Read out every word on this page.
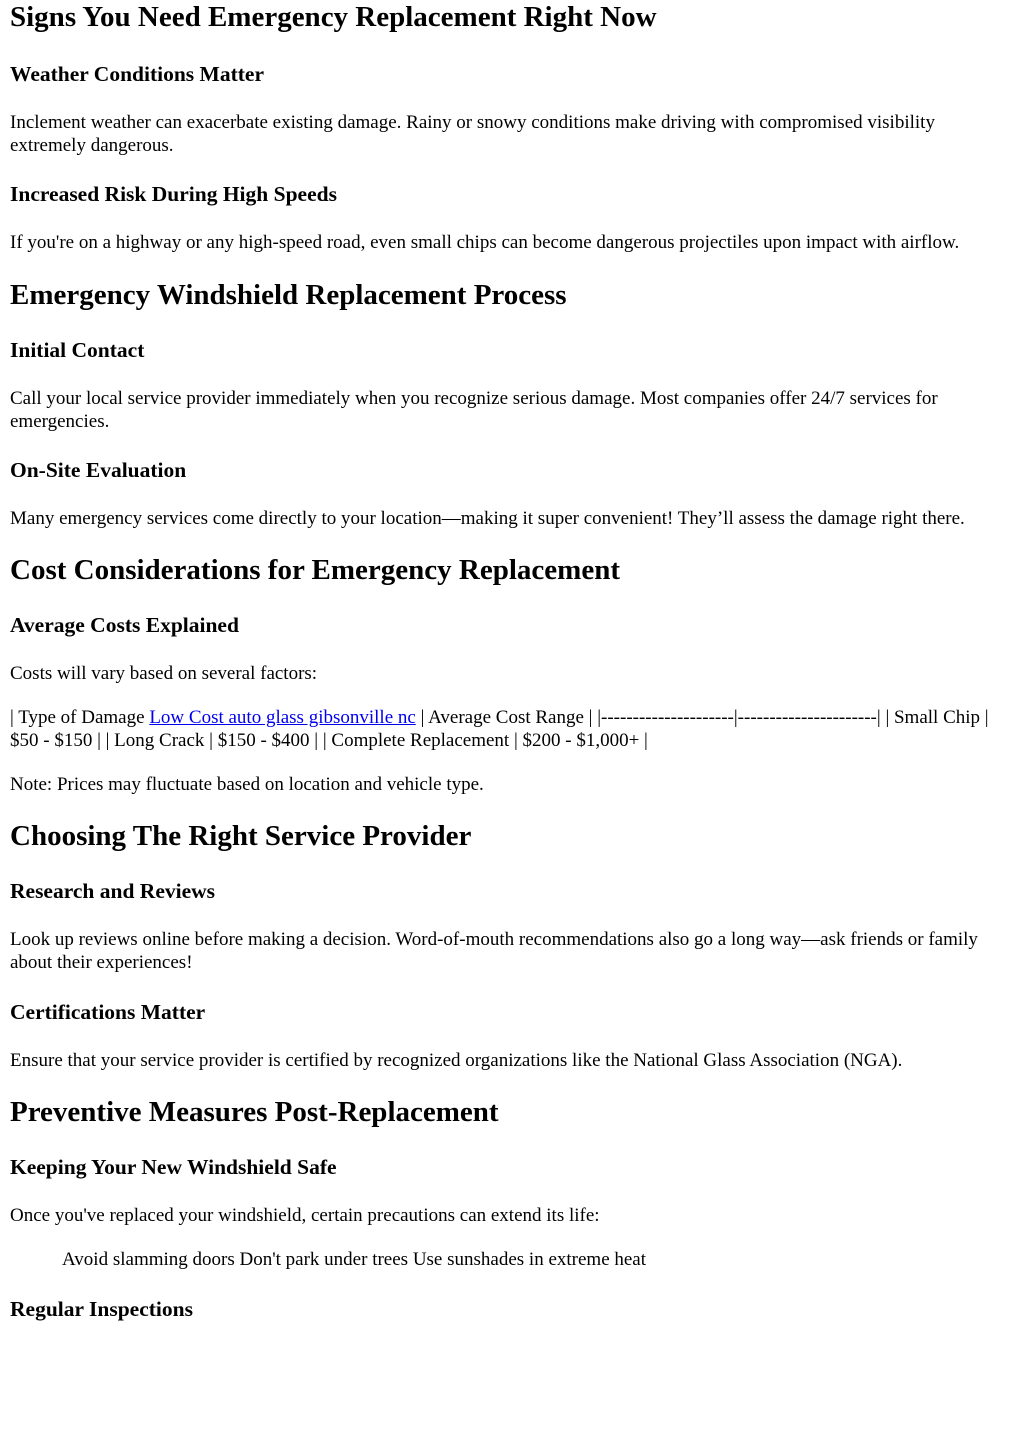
Signs You Need Emergency Replacement Right Now
Weather Conditions Matter

Inclement weather can exacerbate existing damage. Rainy or snowy conditions make driving with compromised visibility extremely dangerous.

Increased Risk During High Speeds

If you're on a highway or any high-speed road, even small chips can become dangerous projectiles upon impact with airflow.

Emergency Windshield Replacement Process
Initial Contact

Call your local service provider immediately when you recognize serious damage. Most companies offer 24/7 services for emergencies.

On-Site Evaluation

Many emergency services come directly to your location—making it super convenient! They’ll assess the damage right there.

Cost Considerations for Emergency Replacement
Average Costs Explained

Costs will vary based on several factors:

| Type of Damage Low Cost auto glass gibsonville nc | Average Cost Range | |---------------------|----------------------| | Small Chip | $50 - $150 | | Long Crack | $150 - $400 | | Complete Replacement | $200 - $1,000+ |

Note: Prices may fluctuate based on location and vehicle type.

Choosing The Right Service Provider
Research and Reviews

Look up reviews online before making a decision. Word-of-mouth recommendations also go a long way—ask friends or family about their experiences!

Certifications Matter

Ensure that your service provider is certified by recognized organizations like the National Glass Association (NGA).

Preventive Measures Post-Replacement
Keeping Your New Windshield Safe

Once you've replaced your windshield, certain precautions can extend its life:

Avoid slamming doors Don't park under trees Use sunshades in extreme heat
Regular Inspections
